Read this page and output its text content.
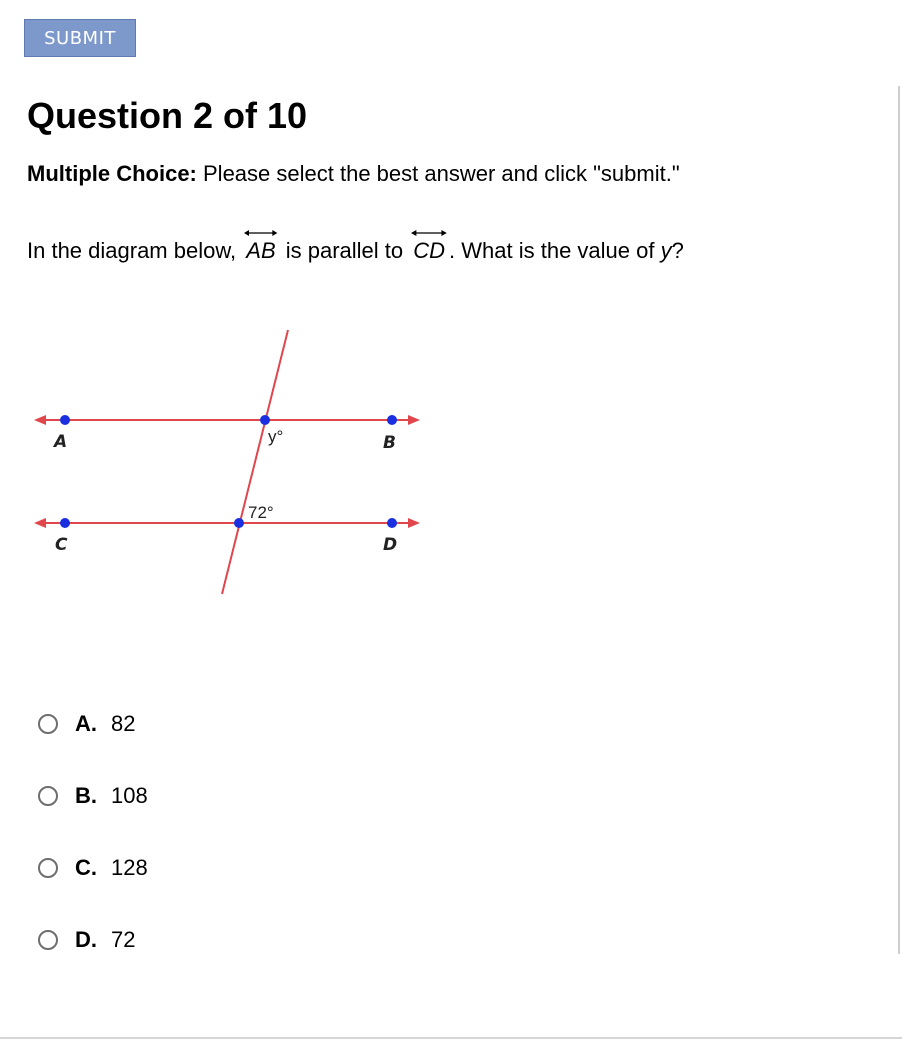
SUBMIT
Question 2 of 10
Multiple Choice: Please select the best answer and click "submit."
In the diagram below, AB is parallel to CD . What is the value of y?
A	B
C	D
y°
72°
A. 82
B. 108
C. 128
D. 72
